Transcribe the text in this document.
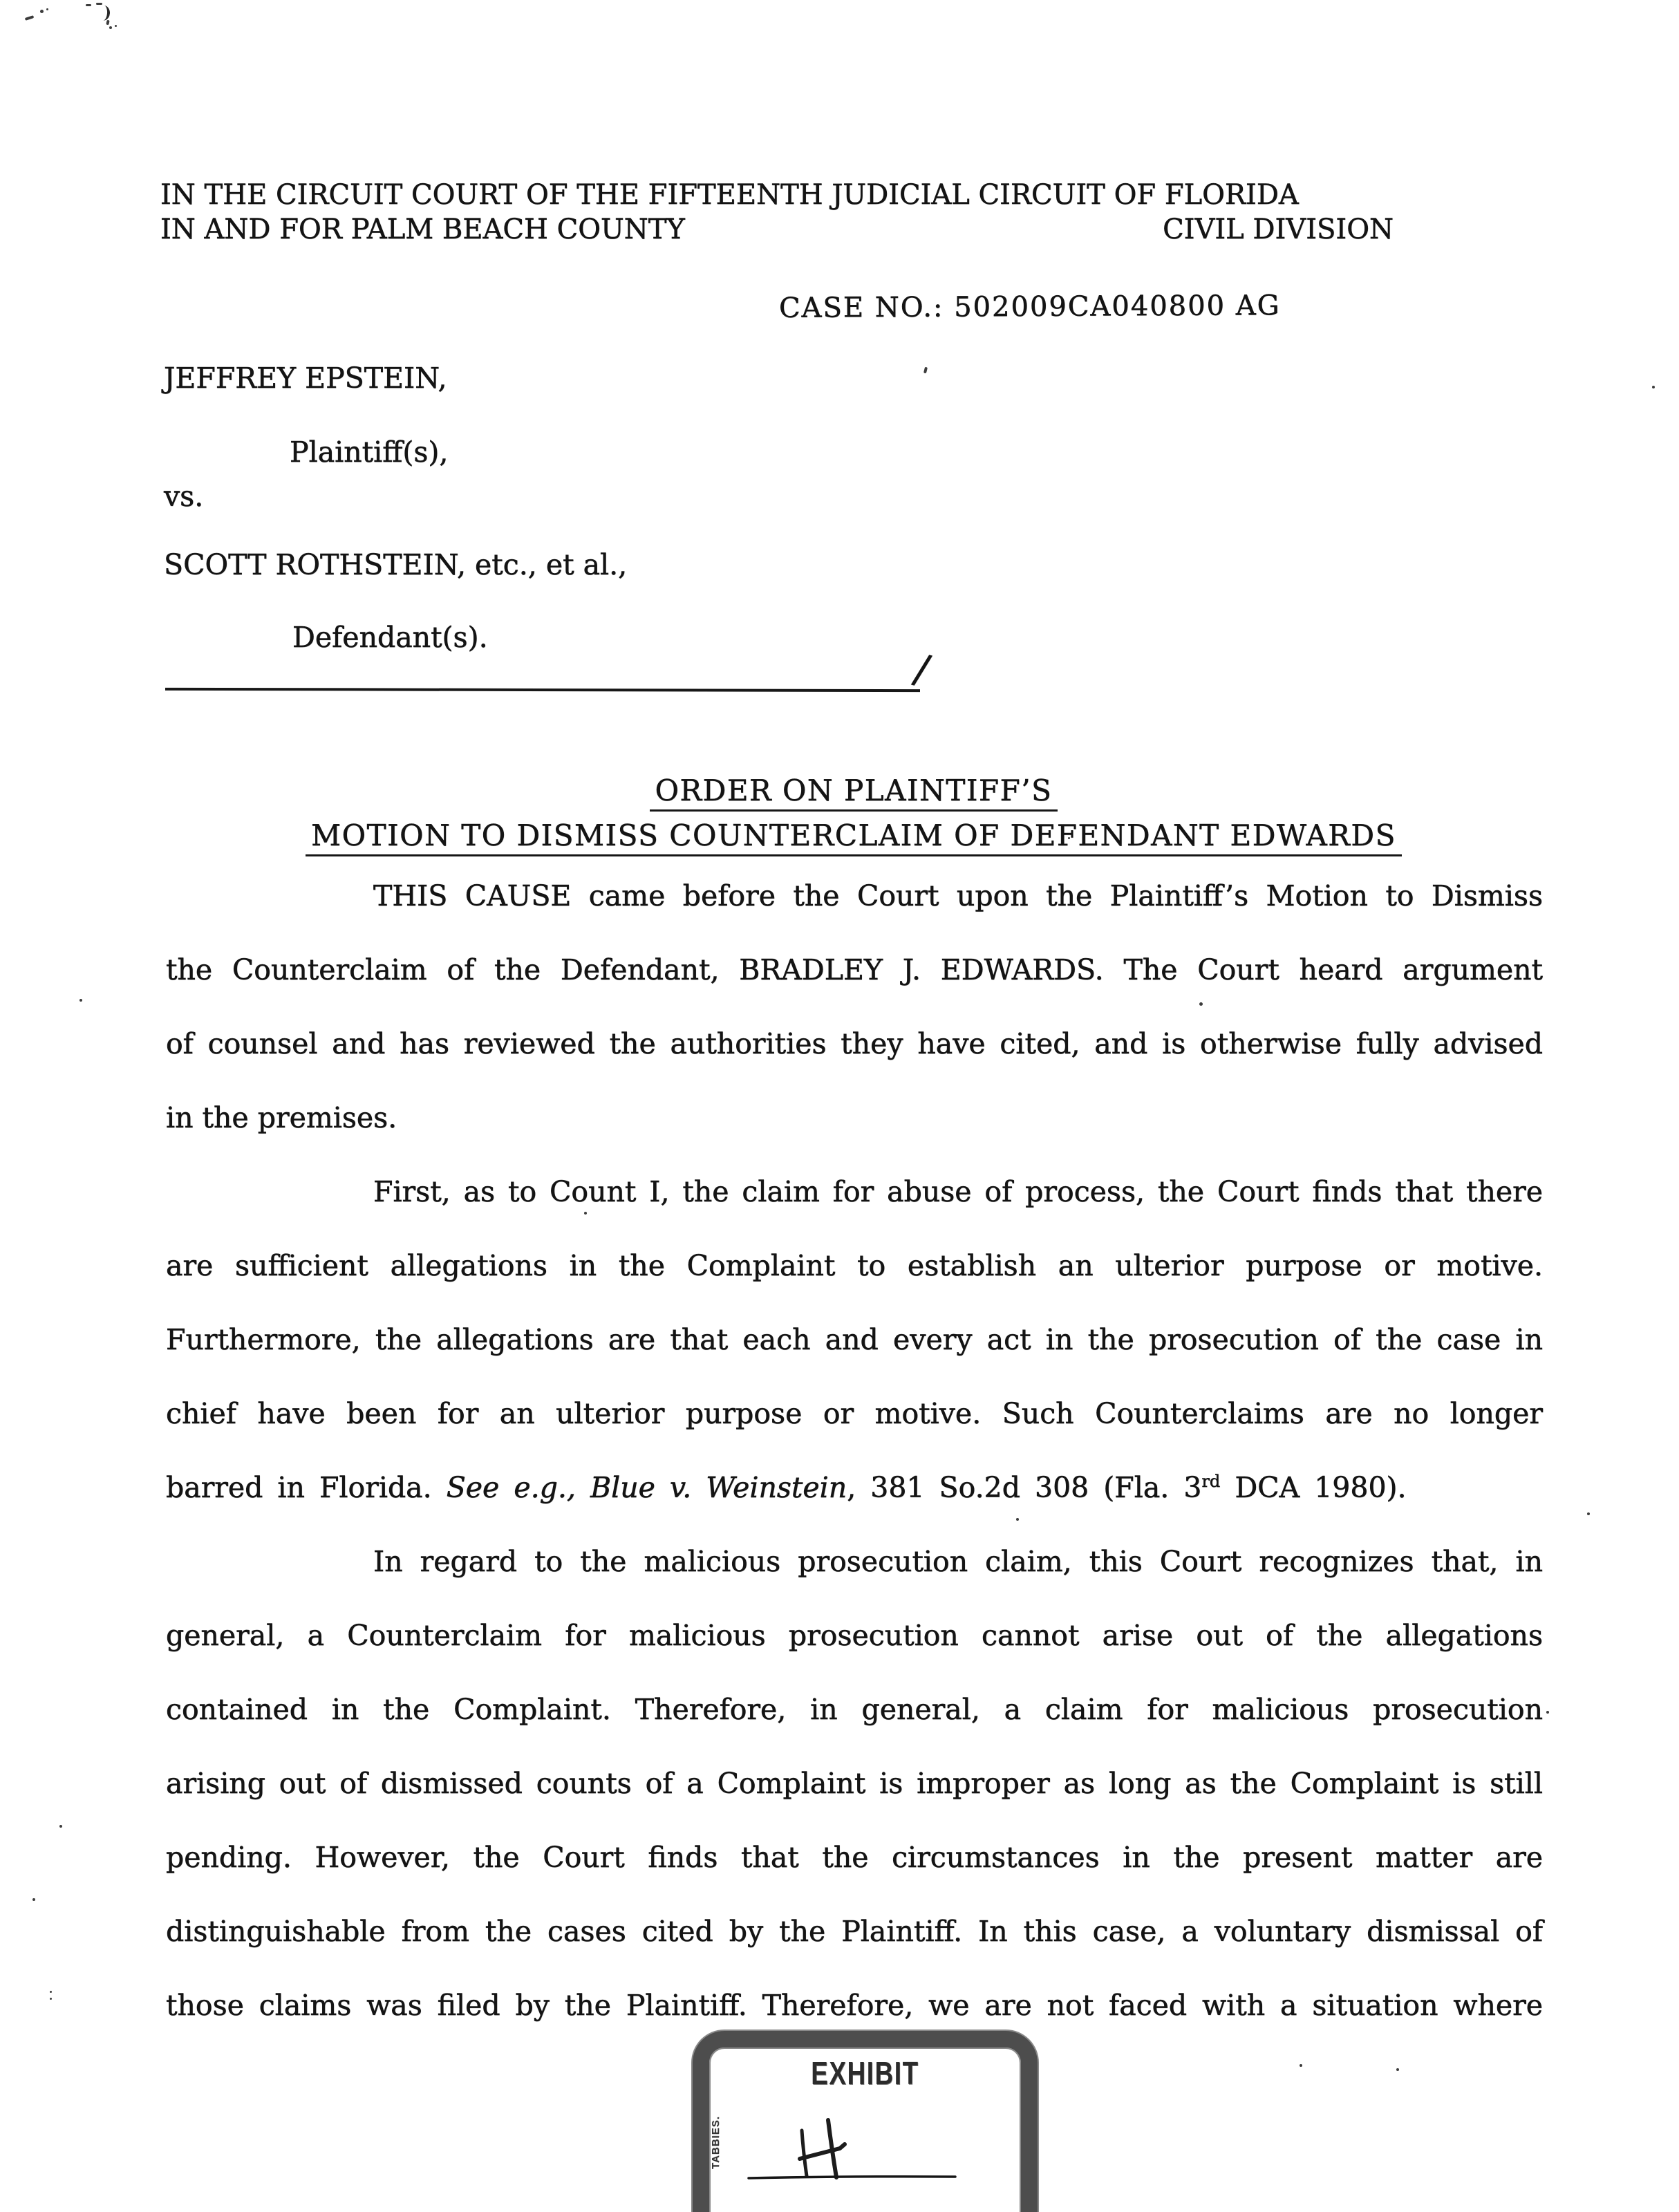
IN THE CIRCUIT COURT OF THE FIFTEENTH JUDICIAL CIRCUIT OF FLORIDA
IN AND FOR PALM BEACH COUNTY	CIVIL DIVISION
CASE NO.: 502009CA040800 AG
JEFFREY EPSTEIN,
Plaintiff(s),
vs.
SCOTT ROTHSTEIN, etc., et al.,
Defendant(s).
/
ORDER ON PLAINTIFF’S
MOTION TO DISMISS COUNTERCLAIM OF DEFENDANT EDWARDS
THIS CAUSE came before the Court upon the Plaintiff’s Motion to Dismiss
the Counterclaim of the Defendant, BRADLEY J. EDWARDS. The Court heard argument
of counsel and has reviewed the authorities they have cited, and is otherwise fully advised
in the premises.
First, as to Count I, the claim for abuse of process, the Court finds that there
are sufficient allegations in the Complaint to establish an ulterior purpose or motive.
Furthermore, the allegations are that each and every act in the prosecution of the case in
chief have been for an ulterior purpose or motive. Such Counterclaims are no longer
barred in Florida. See e.g., Blue v. Weinstein, 381 So.2d 308 (Fla. 3rd DCA 1980).
In regard to the malicious prosecution claim, this Court recognizes that, in
general, a Counterclaim for malicious prosecution cannot arise out of the allegations
contained in the Complaint. Therefore, in general, a claim for malicious prosecution
arising out of dismissed counts of a Complaint is improper as long as the Complaint is still
pending. However, the Court finds that the circumstances in the present matter are
distinguishable from the cases cited by the Plaintiff. In this case, a voluntary dismissal of
those claims was filed by the Plaintiff. Therefore, we are not faced with a situation where
EXHIBIT
TABBIES.
